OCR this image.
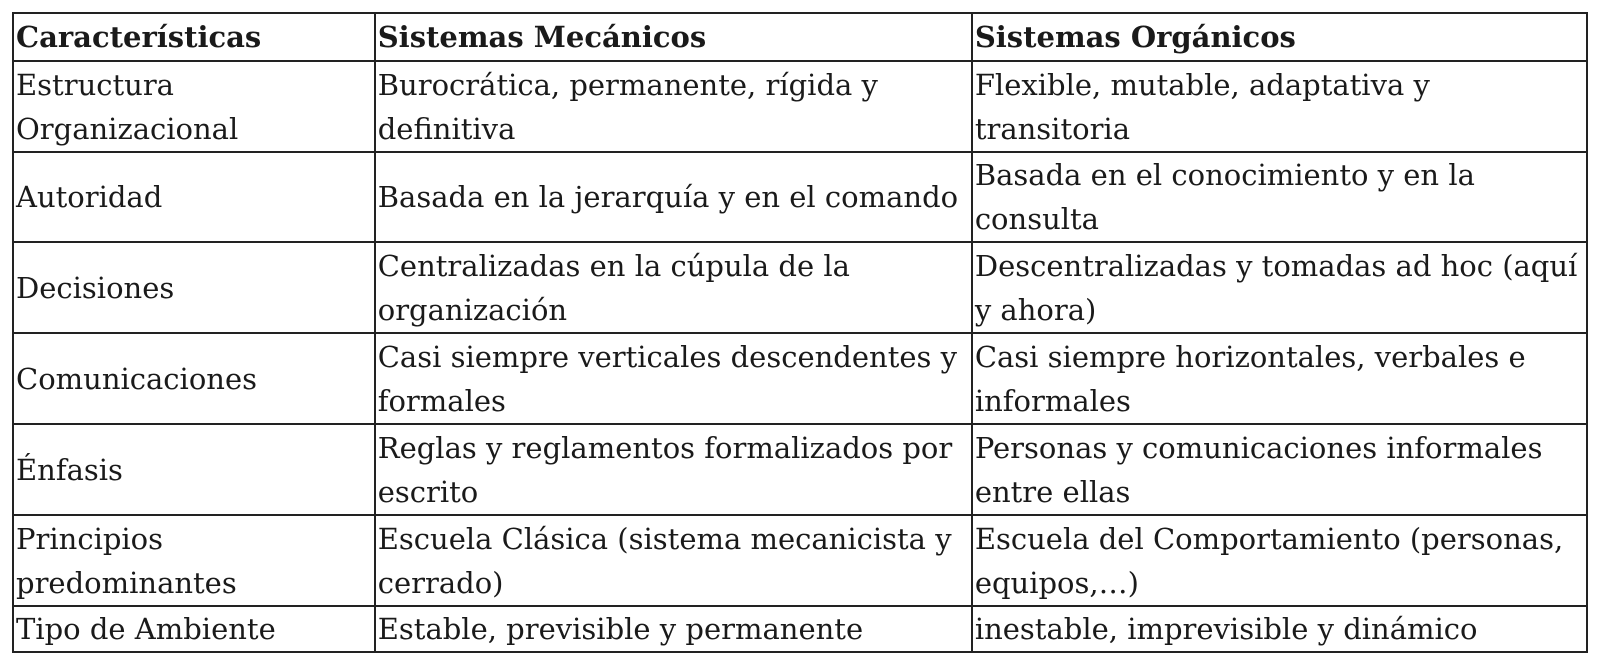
Características	Sistemas Mecánicos	Sistemas Orgánicos
Estructura Organizacional	Burocrática, permanente, rígida y definitiva	Flexible, mutable, adaptativa y transitoria
Autoridad	Basada en la jerarquía y en el comando	Basada en el conocimiento y en la consulta
Decisiones	Centralizadas en la cúpula de la organización	Descentralizadas y tomadas ad hoc (aquí y ahora)
Comunicaciones	Casi siempre verticales descendentes y formales	Casi siempre horizontales, verbales e informales
Énfasis	Reglas y reglamentos formalizados por escrito	Personas y comunicaciones informales entre ellas
Principios predominantes	Escuela Clásica (sistema mecanicista y cerrado)	Escuela del Comportamiento (personas, equipos,…)
Tipo de Ambiente	Estable, previsible y permanente	inestable, imprevisible y dinámico
